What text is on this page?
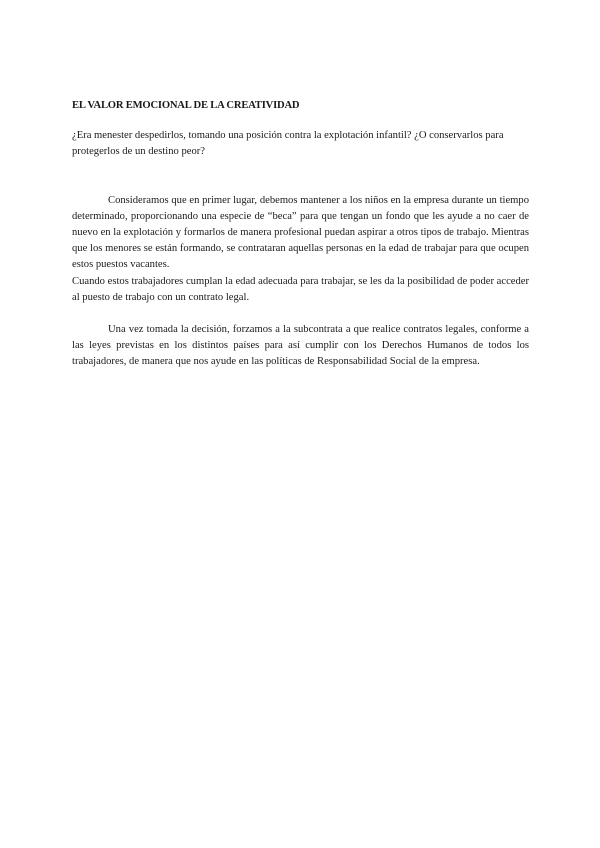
EL VALOR EMOCIONAL DE LA CREATIVIDAD

¿Era menester despedirlos, tomando una posición contra la explotación infantil? ¿O conservarlos para protegerlos de un destino peor?

Consideramos que en primer lugar, debemos mantener a los niños en la empresa durante un tiempo determinado, proporcionando una especie de “beca” para que tengan un fondo que les ayude a no caer de nuevo en la explotación y formarlos de manera profesional puedan aspirar a otros tipos de trabajo. Mientras que los menores se están formando, se contrataran aquellas personas en la edad de trabajar para que ocupen estos puestos vacantes.

Cuando estos trabajadores cumplan la edad adecuada para trabajar, se les da la posibilidad de poder acceder al puesto de trabajo con un contrato legal.

Una vez tomada la decisión, forzamos a la subcontrata a que realice contratos legales, conforme a las leyes previstas en los distintos países para así cumplir con los Derechos Humanos de todos los trabajadores, de manera que nos ayude en las políticas de Responsabilidad Social de la empresa.
